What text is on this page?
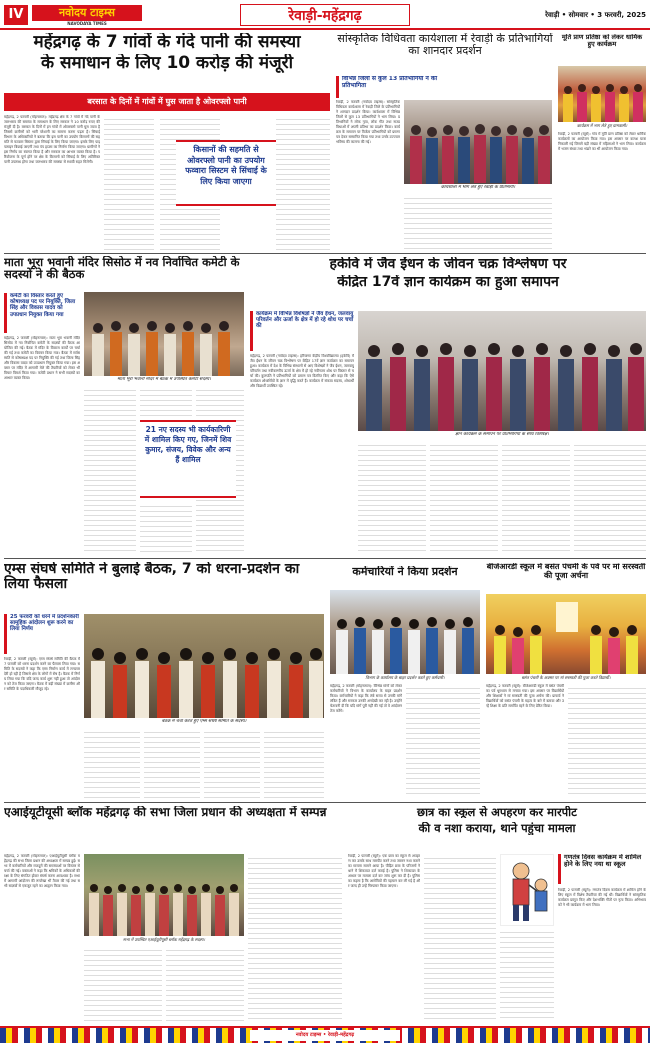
IV	नवोदय टाइम्स
NAVODAYA TIMES	रेवाड़ी-महेंद्रगढ़	रेवाड़ी • सोमवार • 3 फरवरी, 2025
महेंद्रगढ़ के 7 गांवों के गंदे पानी की समस्या
के समाधान के लिए 10 करोड़ की मंजूरी
बरसात के दिनों में गांवों में घुस जाता है ओवरफ्लो पानी
महेंद्रगढ़, 2 फरवरी (मोहनलाल): महेंद्रगढ़ क्षेत्र के 7 गांवों में गंदे पानी के जलभराव की समस्या के समाधान के लिए सरकार ने 10 करोड़ रुपए की मंजूरी दी है। बरसात के दिनों में इन गांवों में ओवरफ्लो पानी घुस जाता है जिससे ग्रामीणों को भारी परेशानी का सामना करना पड़ता है। सिंचाई विभाग के अधिकारियों ने बताया कि इस पानी का उपयोग किसानों की सहमति से फव्वारा सिस्टम द्वारा सिंचाई के लिए किया जाएगा। इसके लिए पाइपलाइन बिछाई जाएगी तथा पंप हाउस का निर्माण किया जाएगा। ग्रामीणों ने इस निर्णय का स्वागत किया है और सरकार का आभार व्यक्त किया है। परियोजना के पूर्ण होने पर क्षेत्र के किसानों को सिंचाई के लिए अतिरिक्त पानी उपलब्ध होगा तथा जलभराव की समस्या से स्थायी राहत मिलेगी।
किसानों की सहमति से ओवरफ्लो पानी का उपयोग फव्वारा सिस्टम से सिंचाई के लिए किया जाएगा
सांस्कृतिक विधिवता कार्यशाला में रेवाड़ी के प्रतिभागियों का शानदार प्रदर्शन
विभिन्न जिलों से कुल 13 प्रतिभागियों ने की प्रतिभागिता
कार्यशाला में भाग लेते हुए रेवाड़ी के प्रतिभागी।
रेवाड़ी, 2 फरवरी (नवोदय टाइम्स): सांस्कृतिक विधिवता कार्यशाला में रेवाड़ी जिले के प्रतिभागियों ने शानदार प्रदर्शन किया। कार्यशाला में विभिन्न जिलों से कुल 13 प्रतिभागियों ने भाग लिया। प्रतिभागियों ने लोक नृत्य, लोक गीत तथा नाट्य विधाओं में अपनी प्रतिभा का प्रदर्शन किया। कार्यक्रम के समापन पर विजेता प्रतिभागियों को प्रमाण पत्र देकर सम्मानित किया गया तथा उनके उज्ज्वल भविष्य की कामना की गई।
मूर्ति प्राण प्रतिष्ठा को लेकर धार्मिक हुए कार्यक्रम
कार्यक्रम में भाग लेते हुए ग्रामवासी।
रेवाड़ी, 2 फरवरी (ब्यूरो): गांव में मूर्ति प्राण प्रतिष्ठा को लेकर धार्मिक कार्यक्रमों का आयोजन किया गया। इस अवसर पर कलश यात्रा निकाली गई जिसमें बड़ी संख्या में महिलाओं ने भाग लिया। कार्यक्रम में भजन संध्या तथा भंडारे का भी आयोजन किया गया।
माता भूरा भवानी मंदिर सिसोठ में नव निर्वाचित कमेटी के सदस्यों ने की बैठक
कमेटी का विस्तार करते हुए कोषाध्यक्ष पद पर नियुक्ति, जिला सिंह और विकास यादव को उपप्रधान नियुक्त किया गया
महेंद्रगढ़, 2 फरवरी (मोहनलाल): माता भूरा भवानी मंदिर सिसोठ में नव निर्वाचित कमेटी के सदस्यों की बैठक आयोजित की गई। बैठक में मंदिर के विकास कार्यों पर चर्चा की गई तथा कमेटी का विस्तार किया गया। बैठक में सर्वसम्मति से कोषाध्यक्ष पद पर नियुक्ति की गई तथा जिला सिंह और विकास यादव को उपप्रधान नियुक्त किया गया। इस अवसर पर मंदिर में आगामी मेले की तैयारियों को लेकर भी विचार विमर्श किया गया। कमेटी प्रधान ने सभी सदस्यों का आभार व्यक्त किया।	माता भूरा भवानी मंदिर में बैठक में उपस्थित कमेटी सदस्य।
21 नए सदस्य भी कार्यकारिणी में शामिल किए गए, जिनमें शिव कुमार, संजय, विवेक और अन्य हैं शामिल
हकेवि में जैव ईंधन के जीवन चक्र विश्लेषण पर
केंद्रित 17वें ज्ञान कार्यक्रम का हुआ समापन
कार्यक्रम में विभिन्न विशेषज्ञों ने जैव ईंधन, जलवायु परिवर्तन और ऊर्जा के क्षेत्र में हो रहे शोध पर चर्चा की
महेंद्रगढ़, 2 फरवरी (नवोदय टाइम्स): हरियाणा केंद्रीय विश्वविद्यालय (हकेवि) में जैव ईंधन के जीवन चक्र विश्लेषण पर केंद्रित 17वें ज्ञान कार्यक्रम का समापन हुआ। कार्यक्रम में देश के विभिन्न संस्थानों से आए विशेषज्ञों ने जैव ईंधन, जलवायु परिवर्तन तथा नवीकरणीय ऊर्जा के क्षेत्र में हो रहे नवीनतम शोध पर विस्तार से चर्चा की। कुलपति ने प्रतिभागियों को प्रमाण पत्र वितरित किए और कहा कि ऐसे कार्यक्रम शोधार्थियों के ज्ञान में वृद्धि करते हैं। कार्यक्रम में संकाय सदस्य, शोधार्थी और विद्यार्थी उपस्थित रहे।
ज्ञान कार्यक्रम के समापन पर प्रतिभागियों के साथ विशेषज्ञ।
एम्स संघर्ष समिति ने बुलाई बैठक, 7 को धरना-प्रदर्शन का लिया फैसला
25 फरवरी को धरने में प्रदर्शनकारी सामूहिक आंदोलन शुरू करने का लिया निर्णय
रेवाड़ी, 2 फरवरी (ब्यूरो): एम्स संघर्ष समिति की बैठक में 7 फरवरी को धरना प्रदर्शन करने का फैसला लिया गया। समिति के सदस्यों ने कहा कि एम्स निर्माण कार्य में लगातार देरी हो रही है जिससे क्षेत्र के लोगों में रोष है। बैठक में निर्णय लिया गया कि यदि जल्द कार्य शुरू नहीं हुआ तो आंदोलन को तेज किया जाएगा। बैठक में बड़ी संख्या में ग्रामीण और समिति के पदाधिकारी मौजूद रहे।
बैठक में चर्चा करते हुए एम्स संघर्ष समिति के सदस्य।
कर्मचारियों ने किया प्रदर्शन
विभाग के कार्यालय के बाहर प्रदर्शन करते हुए कर्मचारी।
महेंद्रगढ़, 2 फरवरी (मोहनलाल): विभिन्न मांगों को लेकर कर्मचारियों ने विभाग के कार्यालय के बाहर प्रदर्शन किया। कर्मचारियों ने कहा कि लंबे समय से उनकी मांगें लंबित हैं और सरकार उनकी अनदेखी कर रही है। उन्होंने चेतावनी दी कि यदि मांगें पूरी नहीं की गईं तो वे आंदोलन तेज करेंगे।
बीजेआरडी स्कूल में बसंत पंचमी के पर्व पर मां सरस्वती की पूजा अर्चना
बसंत पंचमी के अवसर पर मां सरस्वती की पूजा करते विद्यार्थी।
महेंद्रगढ़, 2 फरवरी (ब्यूरो): बीजेआरडी स्कूल में बसंत पंचमी का पर्व धूमधाम से मनाया गया। इस अवसर पर विद्यार्थियों और शिक्षकों ने मां सरस्वती की पूजा अर्चना की। प्राचार्य ने विद्यार्थियों को बसंत पंचमी के महत्व के बारे में बताया और उन्हें शिक्षा के प्रति समर्पित रहने के लिए प्रेरित किया।
एआईयूटीयूसी ब्लॉक महेंद्रगढ़ की सभा जिला प्रधान की अध्यक्षता में सम्पन्न
महेंद्रगढ़, 2 फरवरी (मोहनलाल): एआईयूटीयूसी ब्लॉक महेंद्रगढ़ की सभा जिला प्रधान की अध्यक्षता में सम्पन्न हुई। सभा में कर्मचारियों और मजदूरों की समस्याओं पर विस्तार से चर्चा की गई। वक्ताओं ने कहा कि श्रमिकों के अधिकारों की रक्षा के लिए संगठित होकर संघर्ष करना आवश्यक है। सभा में आगामी आंदोलन की रूपरेखा भी तैयार की गई तथा सभी सदस्यों से एकजुट रहने का आह्वान किया गया।
सभा में उपस्थित एआईयूटीयूसी ब्लॉक महेंद्रगढ़ के सदस्य।
छात्र का स्कूल से अपहरण कर मारपीट
की व नशा कराया, थाने पहुंचा मामला
रेवाड़ी, 2 फरवरी (ब्यूरो): एक छात्र का स्कूल से अपहरण कर उसके साथ मारपीट करने तथा जबरन नशा कराने का मामला सामने आया है। पीड़ित छात्र के परिजनों ने थाने में शिकायत दर्ज कराई है। पुलिस ने शिकायत के आधार पर मामला दर्ज कर जांच शुरू कर दी है। पुलिस का कहना है कि आरोपियों की पहचान कर ली गई है और जल्द ही उन्हें गिरफ्तार किया जाएगा।
गणतंत्र दिवस कार्यक्रम में शामिल होने के लिए नया था स्कूल
रेवाड़ी, 2 फरवरी (ब्यूरो): गणतंत्र दिवस कार्यक्रम में शामिल होने के लिए स्कूल में विशेष तैयारियां की गई थीं। विद्यार्थियों ने सांस्कृतिक कार्यक्रम प्रस्तुत किए और देशभक्ति गीतों पर नृत्य किया। अभिभावकों ने भी कार्यक्रम में भाग लिया।
नवोदय टाइम्स • रेवाड़ी-महेंद्रगढ़
